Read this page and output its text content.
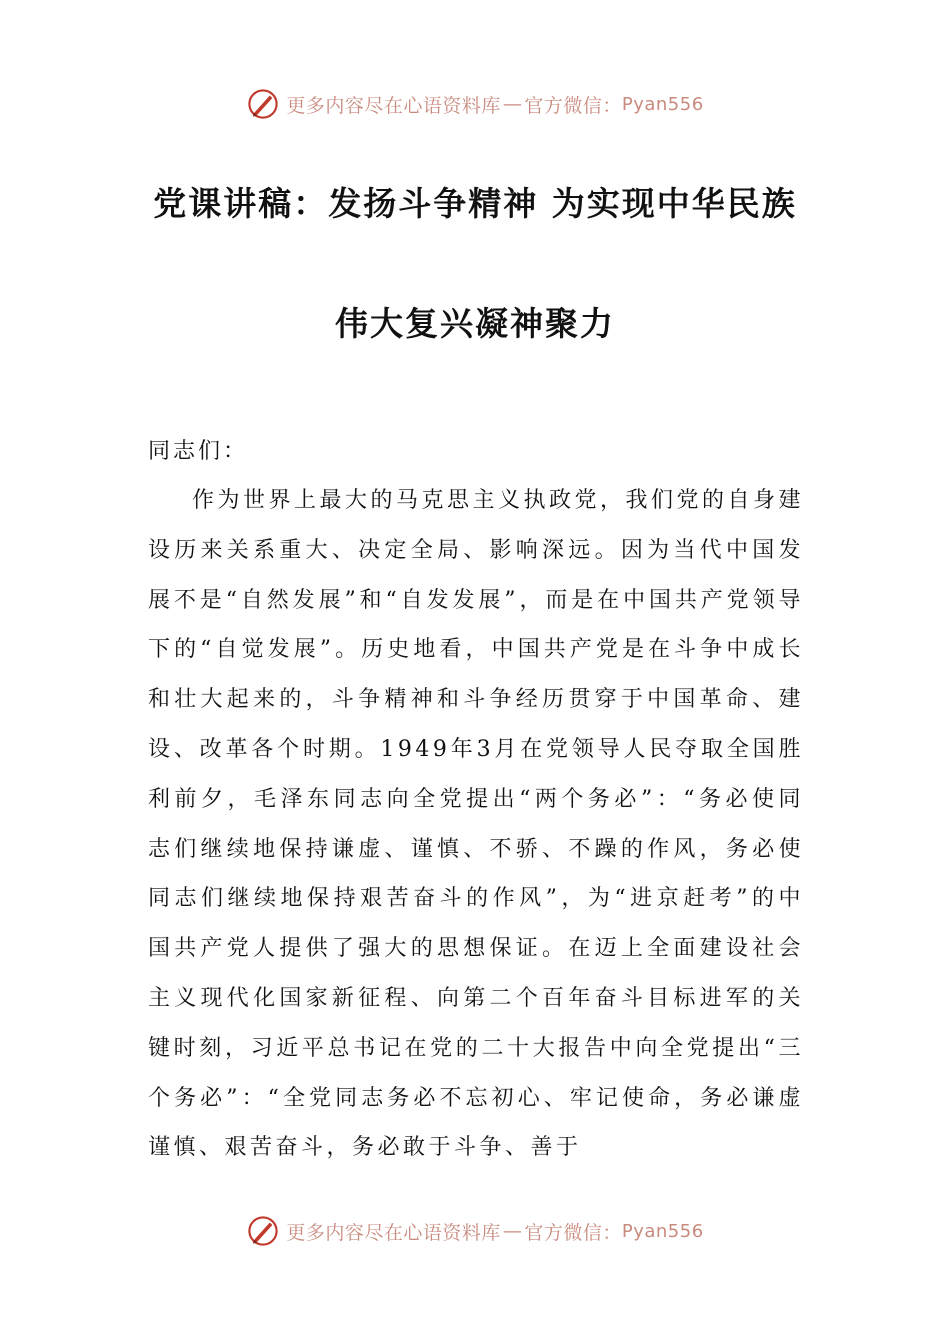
更多内容尽在心语资料库 — 官方微信： Pyan556
党课讲稿：发扬斗争精神 为实现中华民族
伟大复兴凝神聚力
同志们：
作为世界上最大的马克思主义执政党，我们党的自身建设历来关系重大、决定全局、影响深远。因为当代中国发展不是“自然发展”和“自发发展”，而是在中国共产党领导下的“自觉发展”。历史地看，中国共产党是在斗争中成长和壮大起来的，斗争精神和斗争经历贯穿于中国革命、建设、改革各个时期。1949年3月在党领导人民夺取全国胜利前夕，毛泽东同志向全党提出“两个务必”：“务必使同志们继续地保持谦虚、谨慎、不骄、不躁的作风，务必使同志们继续地保持艰苦奋斗的作风”，为“进京赶考”的中国共产党人提供了强大的思想保证。在迈上全面建设社会主义现代化国家新征程、向第二个百年奋斗目标进军的关键时刻，习近平总书记在党的二十大报告中向全党提出“三个务必”：“全党同志务必不忘初心、牢记使命，务必谦虚谨慎、艰苦奋斗，务必敢于斗争、善于
更多内容尽在心语资料库 — 官方微信： Pyan556
